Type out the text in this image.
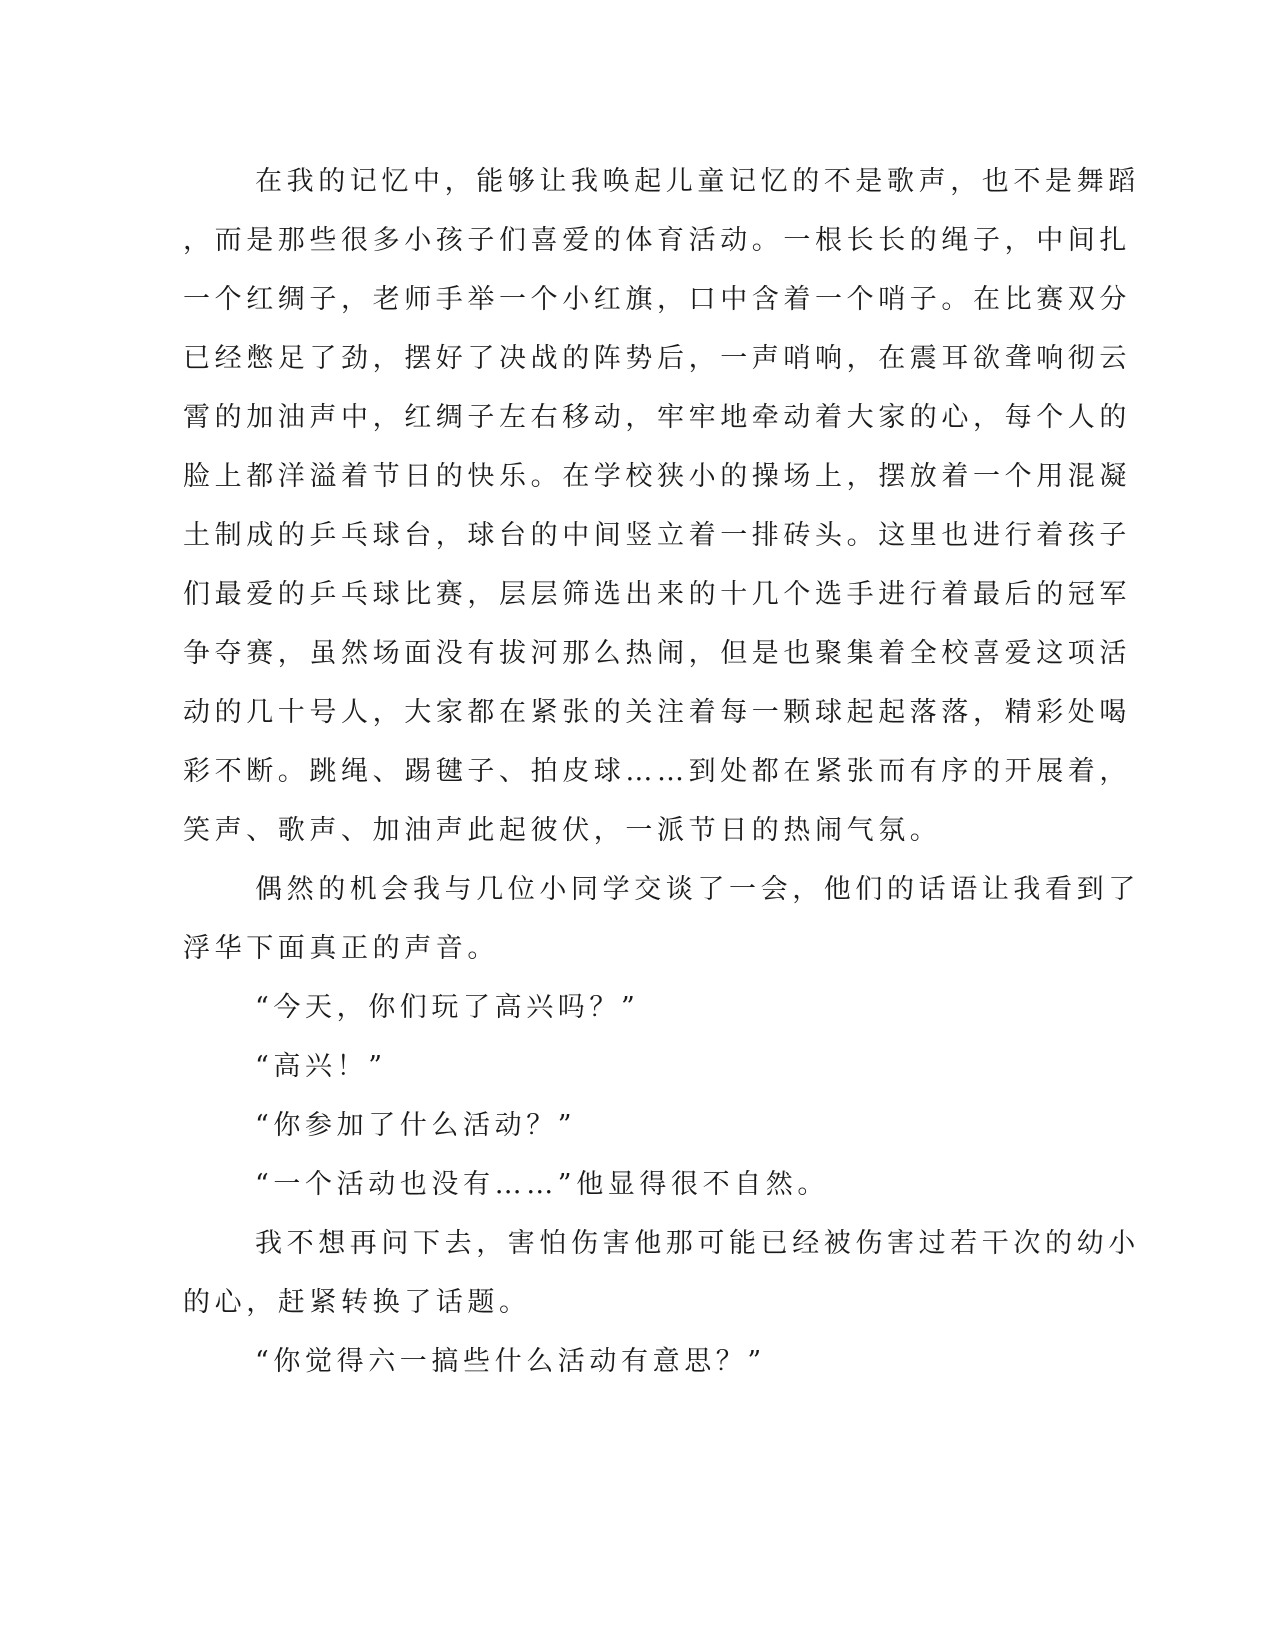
在我的记忆中，能够让我唤起儿童记忆的不是歌声，也不是舞蹈
，而是那些很多小孩子们喜爱的体育活动。一根长长的绳子，中间扎
一个红绸子，老师手举一个小红旗，口中含着一个哨子。在比赛双分
已经憋足了劲，摆好了决战的阵势后，一声哨响，在震耳欲聋响彻云
霄的加油声中，红绸子左右移动，牢牢地牵动着大家的心，每个人的
脸上都洋溢着节日的快乐。在学校狭小的操场上，摆放着一个用混凝
土制成的乒乓球台，球台的中间竖立着一排砖头。这里也进行着孩子
们最爱的乒乓球比赛，层层筛选出来的十几个选手进行着最后的冠军
争夺赛，虽然场面没有拔河那么热闹，但是也聚集着全校喜爱这项活
动的几十号人，大家都在紧张的关注着每一颗球起起落落，精彩处喝
彩不断。跳绳、踢毽子、拍皮球……到处都在紧张而有序的开展着，
笑声、歌声、加油声此起彼伏，一派节日的热闹气氛。
偶然的机会我与几位小同学交谈了一会，他们的话语让我看到了
浮华下面真正的声音。
“今天，你们玩了高兴吗？”
“高兴！”
“你参加了什么活动？”
“一个活动也没有……”他显得很不自然。
我不想再问下去，害怕伤害他那可能已经被伤害过若干次的幼小
的心，赶紧转换了话题。
“你觉得六一搞些什么活动有意思？”
